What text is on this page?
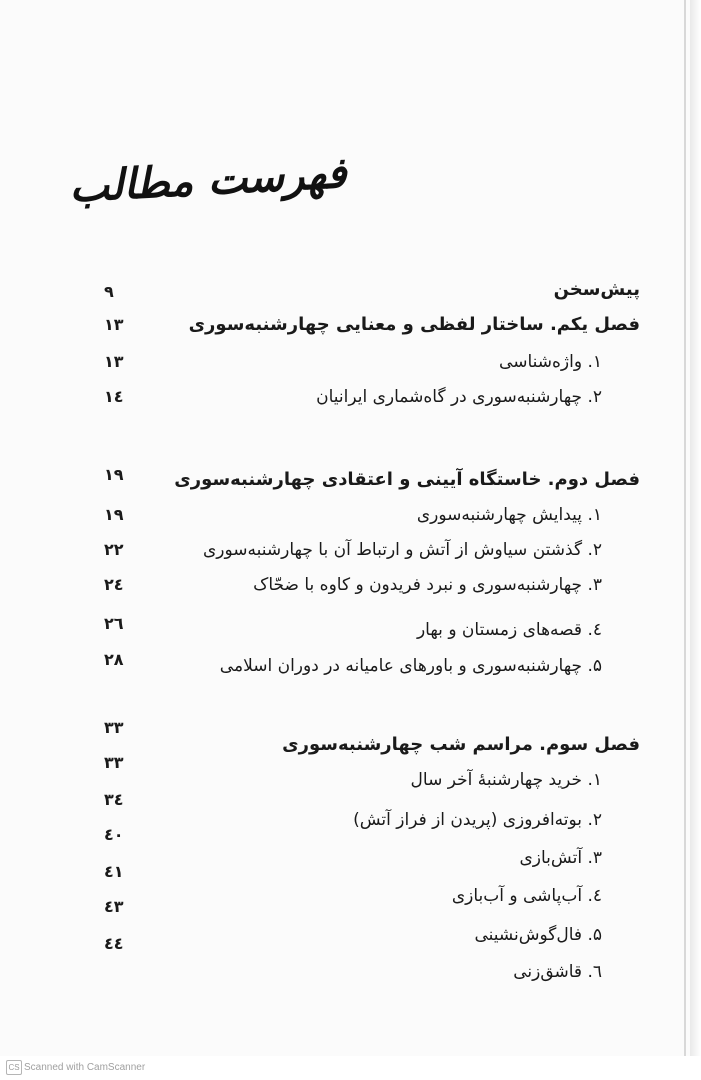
فهرست مطالب
پیش‌سخن
۹
فصل یکم. ساختار لفظی و معنایی چهارشنبه‌سوری
۱۳
۱. واژه‌شناسی
۱۳
۲. چهارشنبه‌سوری در گاه‌شماری ایرانیان
۱٤
فصل دوم. خاستگاه آیینی و اعتقادی چهارشنبه‌سوری
۱۹
۱. پیدایش چهارشنبه‌سوری
۱۹
۲. گذشتن سیاوش از آتش و ارتباط آن با چهارشنبه‌سوری
۲۲
۳. چهارشنبه‌سوری و نبرد فریدون و کاوه با ضحّاک
۲٤
٤. قصه‌های زمستان و بهار
۲٦
۵. چهارشنبه‌سوری و باورهای عامیانه در دوران اسلامی
۲۸
فصل سوم. مراسم شب چهارشنبه‌سوری
۳۳
۱. خرید چهارشنبهٔ آخر سال
۳۳
۲. بوته‌افروزی (پریدن از فراز آتش)
۳٤
۳. آتش‌بازی
٤۰
٤. آب‌پاشی و آب‌بازی
٤۱
۵. فال‌گوش‌نشینی
٤۳
٦. قاشق‌زنی
٤٤
CS Scanned with CamScanner
